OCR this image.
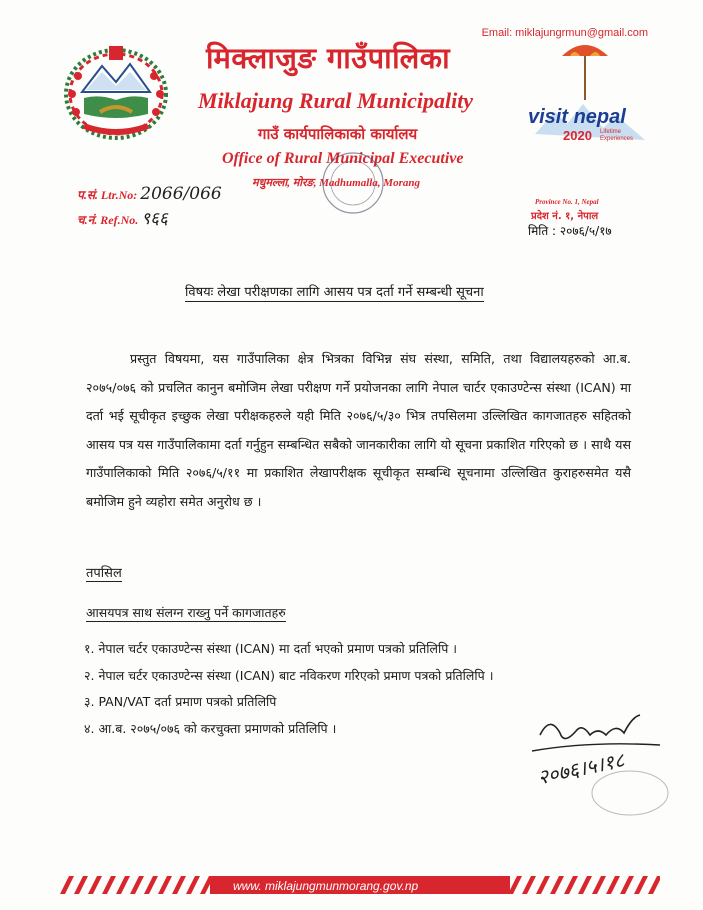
Email: miklajungrmun@gmail.com
मिक्लाजुङ गाउँपालिका
Miklajung Rural Municipality
गाउँ कार्यपालिकाको कार्यालय
Office of Rural Municipal Executive
मधुमल्ला, मोरङ, Madhumalla, Morang
प.सं. Ltr.No: 2066/066
च.नं. Ref.No. ९६६
visit nepal
2020 Lifetime
Experiences
Province No. 1, Nepal
प्रदेश नं. १, नेपाल
मिति : २०७६/५/१७
विषयः लेखा परीक्षणका लागि आसय पत्र दर्ता गर्ने सम्बन्धी सूचना

प्रस्तुत विषयमा, यस गाउँपालिका क्षेत्र भित्रका विभिन्न संघ संस्था, समिति, तथा विद्यालयहरुको आ.ब. २०७५/०७६ को प्रचलित कानुन बमोजिम लेखा परीक्षण गर्ने प्रयोजनका लागि नेपाल चार्टर एकाउण्टेन्स संस्था (ICAN) मा दर्ता भई सूचीकृत इच्छुक लेखा परीक्षकहरुले यही मिति २०७६/५/३० भित्र तपसिलमा उल्लिखित कागजातहरु सहितको आसय पत्र यस गाउँपालिकामा दर्ता गर्नुहुन सम्बन्धित सबैको जानकारीका लागि यो सूचना प्रकाशित गरिएको छ । साथै यस गाउँपालिकाको मिति २०७६/५/११ मा प्रकाशित लेखापरीक्षक सूचीकृत सम्बन्धि सूचनामा उल्लिखित कुराहरुसमेत यसै बमोजिम हुने व्यहोरा समेत अनुरोध छ ।

तपसिल
आसयपत्र साथ संलग्न राख्नु पर्ने कागजातहरु
१. नेपाल चर्टर एकाउण्टेन्स संस्था (ICAN) मा दर्ता भएको प्रमाण पत्रको प्रतिलिपि ।
२. नेपाल चर्टर एकाउण्टेन्स संस्था (ICAN) बाट नविकरण गरिएको प्रमाण पत्रको प्रतिलिपि ।
३. PAN/VAT दर्ता प्रमाण पत्रको प्रतिलिपि
४. आ.ब. २०७५/०७६ को करचुक्ता प्रमाणको प्रतिलिपि ।
२०७६।५।१८
www. miklajungmunmorang.gov.np
